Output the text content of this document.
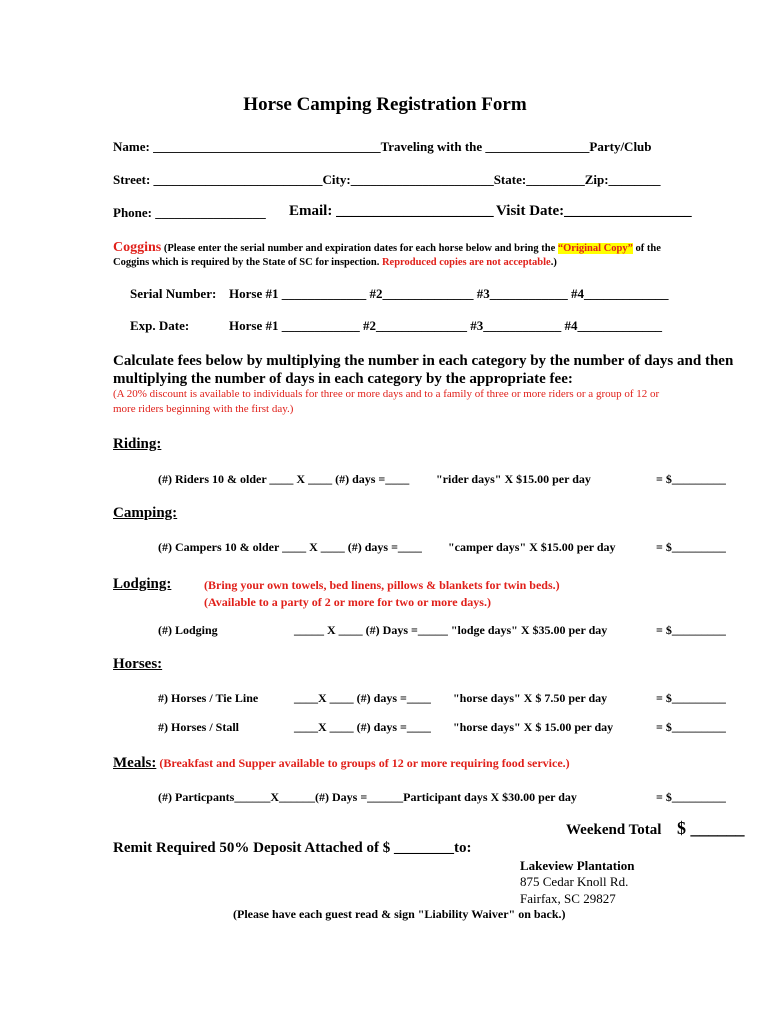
Horse Camping Registration Form
Name: ___________________________________Traveling with the ________________Party/Club
Street: __________________________City:______________________State:_________Zip:________
Phone: _________________ Email: _____________________ Visit Date:_________________
Coggins (Please enter the serial number and expiration dates for each horse below and bring the “Original Copy” of the
Coggins which is required by the State of SC for inspection. Reproduced copies are not acceptable.)
Serial Number: Horse #1 _____________ #2______________ #3____________ #4_____________
Exp. Date:	Horse #1 ____________ #2______________ #3____________ #4_____________
Calculate fees below by multiplying the number in each category by the number of days and then
multiplying the number of days in each category by the appropriate fee:
(A 20% discount is available to individuals for three or more days and to a family of three or more riders or a group of 12 or
more riders beginning with the first day.)
Riding:
(#) Riders 10 & older ____ X ____ (#) days =____ "rider days" X $15.00 per day	= $_________
Camping:
(#) Campers 10 & older ____ X ____ (#) days =____ "camper days" X $15.00 per day	= $_________
Lodging:	(Bring your own towels, bed linens, pillows & blankets for twin beds.)
(Available to a party of 2 or more for two or more days.)
(#) Lodging	_____ X ____ (#) Days =_____ "lodge days" X $35.00 per day	= $_________
Horses:
#) Horses / Tie Line	____X ____ (#) days =____ "horse days" X $ 7.50 per day	= $_________
#) Horses / Stall	____X ____ (#) days =____ "horse days" X $ 15.00 per day	= $_________
Meals: (Breakfast and Supper available to groups of 12 or more requiring food service.)
(#) Particpants______X______(#) Days =______Participant days X $30.00 per day	= $_________
Weekend Total $ ______
Remit Required 50% Deposit Attached of $ ________to:
Lakeview Plantation
875 Cedar Knoll Rd.
Fairfax, SC 29827
(Please have each guest read & sign "Liability Waiver" on back.)
